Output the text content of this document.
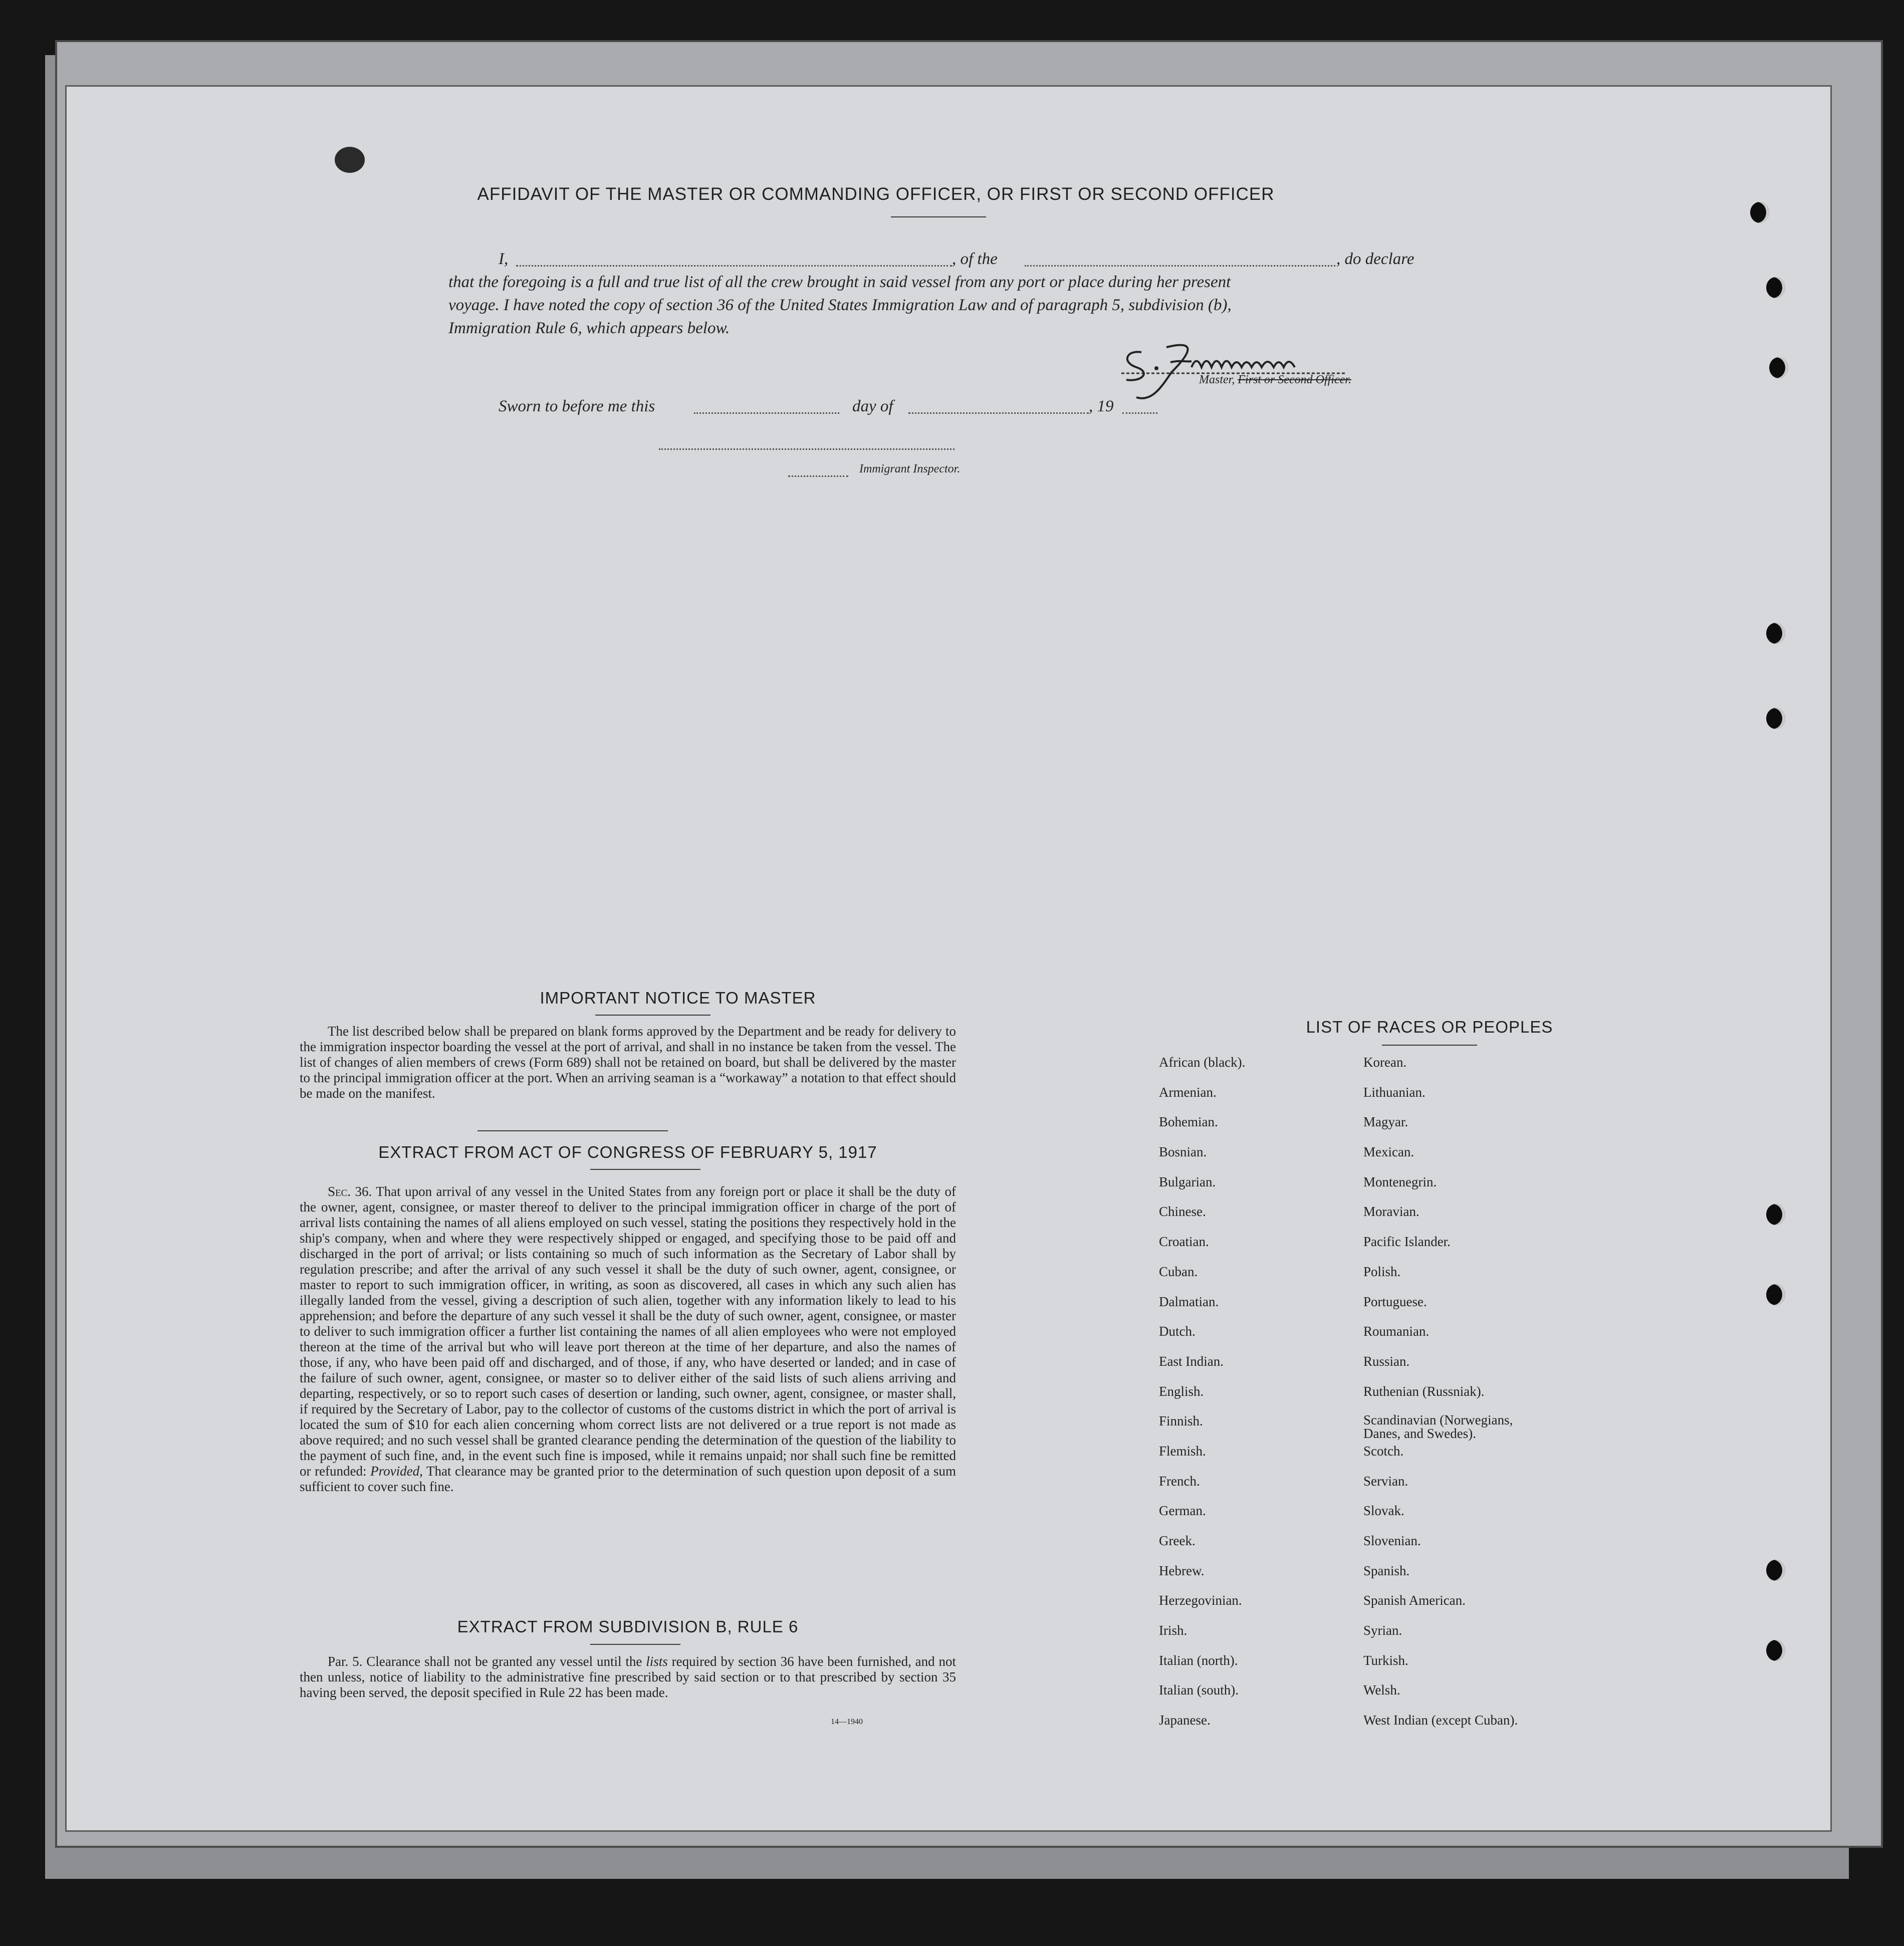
AFFIDAVIT OF THE MASTER OR COMMANDING OFFICER, OR FIRST OR SECOND OFFICER
I,	, of the	, do declare
that the foregoing is a full and true list of all the crew brought in said vessel from any port or place during her present
voyage. I have noted the copy of section 36 of the United States Immigration Law and of paragraph 5, subdivision (b),
Immigration Rule 6, which appears below.
Master, First or Second Officer.
Sworn to before me this	day of	, 19
Immigrant Inspector.
IMPORTANT NOTICE TO MASTER

The list described below shall be prepared on blank forms approved by the Department and be ready for delivery to the immigration inspector boarding the vessel at the port of arrival, and shall in no instance be taken from the vessel. The list of changes of alien members of crews (Form 689) shall not be retained on board, but shall be delivered by the master to the principal immigration officer at the port. When an arriving seaman is a “workaway” a notation to that effect should be made on the manifest.

EXTRACT FROM ACT OF CONGRESS OF FEBRUARY 5, 1917

Sec. 36. That upon arrival of any vessel in the United States from any foreign port or place it shall be the duty of the owner, agent, consignee, or master thereof to deliver to the principal immigration officer in charge of the port of arrival lists containing the names of all aliens employed on such vessel, stating the positions they respectively hold in the ship's company, when and where they were respectively shipped or engaged, and specifying those to be paid off and discharged in the port of arrival; or lists containing so much of such information as the Secretary of Labor shall by regulation prescribe; and after the arrival of any such vessel it shall be the duty of such owner, agent, consignee, or master to report to such immigration officer, in writing, as soon as discovered, all cases in which any such alien has illegally landed from the vessel, giving a description of such alien, together with any information likely to lead to his apprehension; and before the departure of any such vessel it shall be the duty of such owner, agent, consignee, or master to deliver to such immigration officer a further list containing the names of all alien employees who were not employed thereon at the time of the arrival but who will leave port thereon at the time of her departure, and also the names of those, if any, who have been paid off and discharged, and of those, if any, who have deserted or landed; and in case of the failure of such owner, agent, consignee, or master so to deliver either of the said lists of such aliens arriving and departing, respectively, or so to report such cases of desertion or landing, such owner, agent, consignee, or master shall, if required by the Secretary of Labor, pay to the collector of customs of the customs district in which the port of arrival is located the sum of $10 for each alien concerning whom correct lists are not delivered or a true report is not made as above required; and no such vessel shall be granted clearance pending the determination of the question of the liability to the payment of such fine, and, in the event such fine is imposed, while it remains unpaid; nor shall such fine be remitted or refunded: Provided, That clearance may be granted prior to the determination of such question upon deposit of a sum sufficient to cover such fine.

EXTRACT FROM SUBDIVISION B, RULE 6

Par. 5. Clearance shall not be granted any vessel until the lists required by section 36 have been furnished, and not then unless, notice of liability to the administrative fine prescribed by said section or to that prescribed by section 35 having been served, the deposit specified in Rule 22 has been made.

14—1940
LIST OF RACES OR PEOPLES
African (black).
Armenian.
Bohemian.
Bosnian.
Bulgarian.
Chinese.
Croatian.
Cuban.
Dalmatian.
Dutch.
East Indian.
English.
Finnish.
Flemish.
French.
German.
Greek.
Hebrew.
Herzegovinian.
Irish.
Italian (north).
Italian (south).
Japanese.
Korean.
Lithuanian.
Magyar.
Mexican.
Montenegrin.
Moravian.
Pacific Islander.
Polish.
Portuguese.
Roumanian.
Russian.
Ruthenian (Russniak).
Scandinavian (Norwegians, Danes, and Swedes).
Scotch.
Servian.
Slovak.
Slovenian.
Spanish.
Spanish American.
Syrian.
Turkish.
Welsh.
West Indian (except Cuban).
